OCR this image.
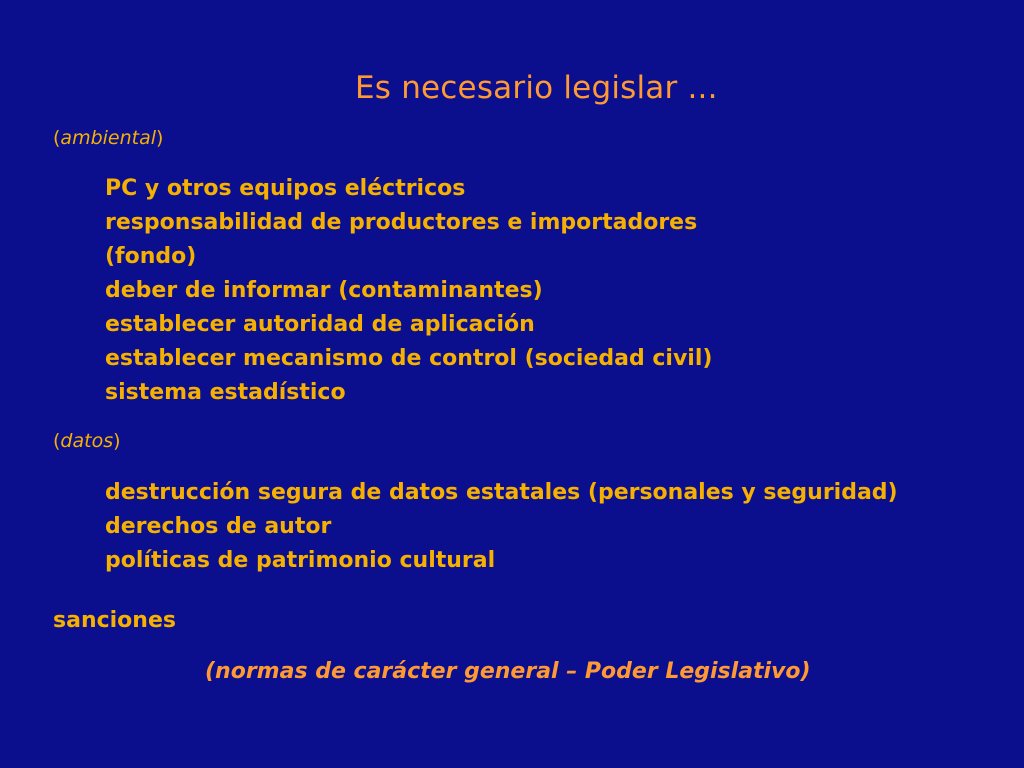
Es necesario legislar ...
(ambiental)
PC y otros equipos eléctricos
responsabilidad de productores e importadores
(fondo)
deber de informar (contaminantes)
establecer autoridad de aplicación
establecer mecanismo de control (sociedad civil)
sistema estadístico
(datos)
destrucción segura de datos estatales (personales y seguridad)
derechos de autor
políticas de patrimonio cultural
sanciones
(normas de carácter general – Poder Legislativo)
